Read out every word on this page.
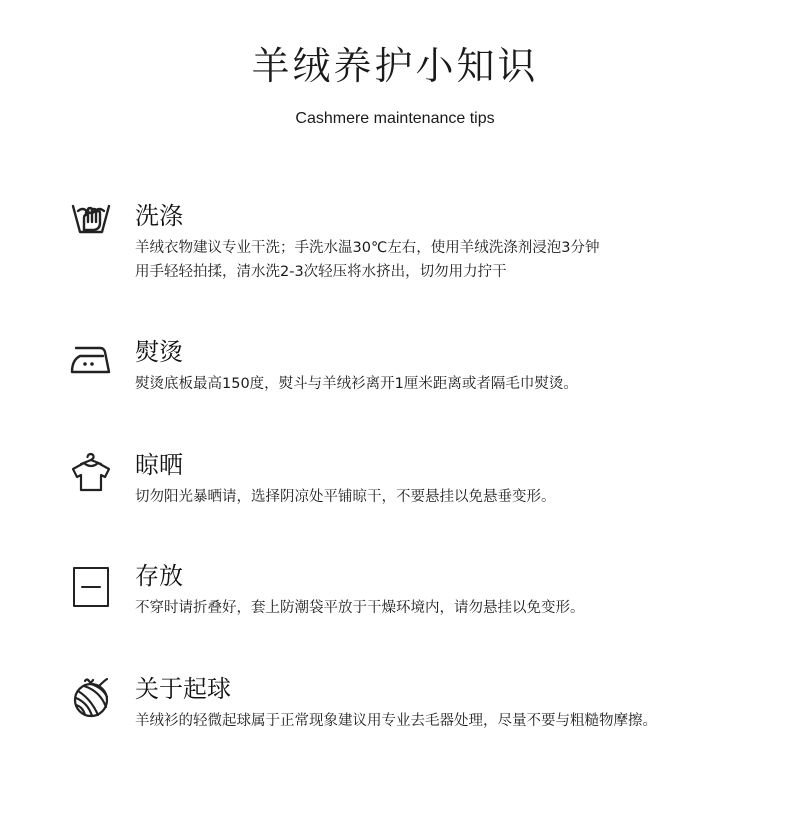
羊绒养护小知识
Cashmere maintenance tips
洗涤
羊绒衣物建议专业干洗；手洗水温30℃左右，使用羊绒洗涤剂浸泡3分钟
用手轻轻拍揉，清水洗2-3次轻压将水挤出，切勿用力拧干
熨烫
熨烫底板最高150度，熨斗与羊绒衫离开1厘米距离或者隔毛巾熨烫。
晾晒
切勿阳光暴晒请，选择阴凉处平铺晾干，不要悬挂以免悬垂变形。
存放
不穿时请折叠好，套上防潮袋平放于干燥环境内，请勿悬挂以免变形。
关于起球
羊绒衫的轻微起球属于正常现象建议用专业去毛器处理，尽量不要与粗糙物摩擦。
